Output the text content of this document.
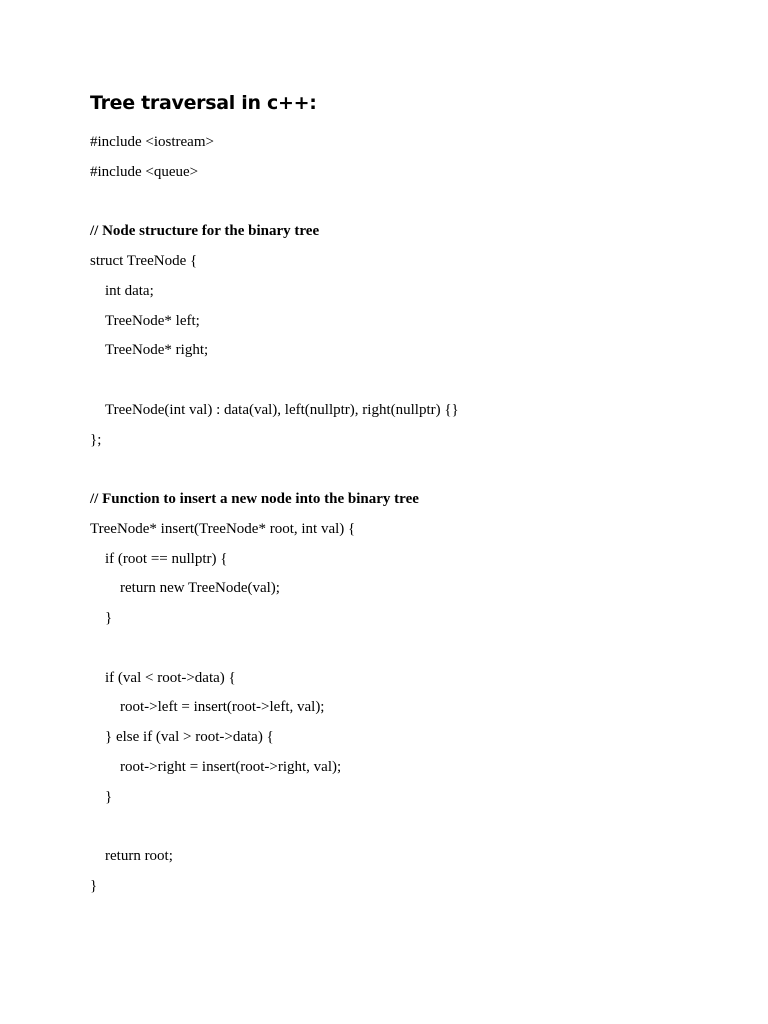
Tree traversal in c++:
#include <iostream>
#include <queue>
// Node structure for the binary tree
struct TreeNode {
int data;
TreeNode* left;
TreeNode* right;
TreeNode(int val) : data(val), left(nullptr), right(nullptr) {}
};
// Function to insert a new node into the binary tree
TreeNode* insert(TreeNode* root, int val) {
if (root == nullptr) {
return new TreeNode(val);
}
if (val < root->data) {
root->left = insert(root->left, val);
} else if (val > root->data) {
root->right = insert(root->right, val);
}
return root;
}
